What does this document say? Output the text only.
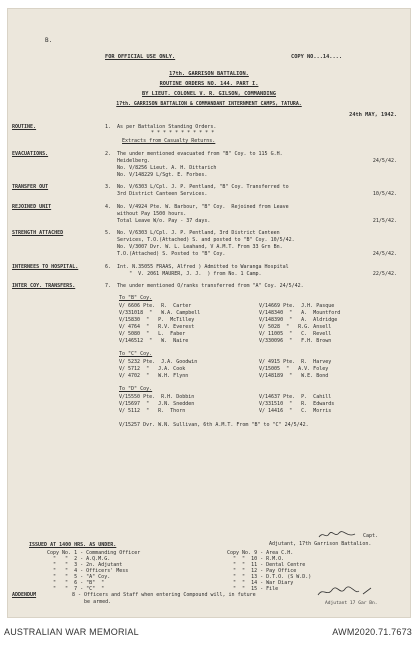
B.
FOR OFFICIAL USE ONLY.	COPY NO...14....
17th. GARRISON BATTALION.
ROUTINE ORDERS NO. 144. PART I.
BY LIEUT. COLONEL V. R. GILSON, COMMANDING
17th. GARRISON BATTALION & COMMANDANT INTERNMENT CAMPS, TATURA.
24th MAY, 1942.
ROUTINE.	1.  As per Battalion Standing Orders.
* * * * * * * * * * *
Extracts from Casualty Returns.
EVACUATIONS.	2.  The under mentioned evacuated from "B" Coy. to 115 G.H.
Heidelberg.
No. V/8256 Lieut. A. H. Dittarich
No. V/148229 L/Sgt. E. Forbes.
24/5/42.
TRANSFER OUT	3.  No. V/6303 L/Cpl. J. P. Pentland, "B" Coy. Transferred to
3rd District Canteen Services.	10/5/42.
REJOINED UNIT	4.  No. V/4924 Pte. W. Barbour, "B" Coy.  Rejoined from Leave
without Pay 1500 hours.
Total Leave W/o. Pay - 37 days.	21/5/42.
STRENGTH ATTACHED	5.  No. V/6303 L/Cpl. J. P. Pentland, 3rd District Canteen
Services, T.O.(Attached) S. and posted to "B" Coy. 10/5/42.
No. V/3007 Dvr. W. L. Leahand, V A.M.T. From 33 Grn Bn.
T.O.(Attached) S. Posted to "B" Coy.	24/5/42.
INTERNEES TO HOSPITAL.	6.  Int. N.35055 FRAAS, Alfred ) Admitted to Waranga Hospital
"  V. 2061 MAURER, J. J.  ) from No. 1 Camp.	22/5/42.
INTER COY. TRANSFERS.	7.  The under mentioned O/ranks transferred from "A" Coy. 24/5/42.
To "B" Coy.
V/ 6606 Pte.  R.  Carter	V/14669 Pte.  J.H. Pasque
V/331018  "   W.A. Campbell	V/148340  "   A.  Mountford
V/15830  "   P.  McTilley	V/148390  "   A.  Aldridge
V/ 4764  "   R.V. Everest	V/ 5028  "   R.G. Ansell
V/ 5080  "   L.  Faber	V/ 11005  "   C.  Revell
V/146512  "   W.  Naire	V/330096  "   F.H. Brown
To "C" Coy.
V/ 5232 Pte.  J.A. Goodwin	V/ 4915 Pte.  R.  Harvey
V/ 5712  "   J.A. Cook	V/15005  "   A.V. Foley
V/ 4702  "   W.H. Flynn	V/148189  "   W.E. Bond
To "D" Coy.
V/15550 Pte.  R.H. Dobbin	V/14637 Pte.  P.  Cahill
V/15697  "   J.N. Snedden	V/331510  "   R.  Edwards
V/ 5112  "   R.  Thorn	V/ 14416  "   C.  Morris
V/15257 Dvr. W.N. Sullivan, 6th A.M.T. From "B" to "C" 24/5/42.
Capt.
Adjutant, 17th Garrison Battalion.
ISSUED AT 1400 HRS. AS UNDER.
Copy No. 1 - Commanding Officer
"   "  2 - A.Q.M.G.
"   "  3 - 2n. Adjutant
"   "  4 - Officers' Mess
"   "  5 - "A" Coy.
"   "  6 - "B"  "
"   "  7 - "C"  "
Copy No. 9 - Area C.H.
"  "  10 - R.M.O.
"  "  11 - Dental Centre
"  "  12 - Pay Office
"  "  13 - D.T.O. (S W.D.)
"  "  14 - War Diary
"  "  15 - File
ADDENDUM	8 - Officers and Staff when entering Compound will, in future
be armed.	Adjutant 17 Gar Bn.
AUSTRALIAN WAR MEMORIAL	AWM2020.71.7673
